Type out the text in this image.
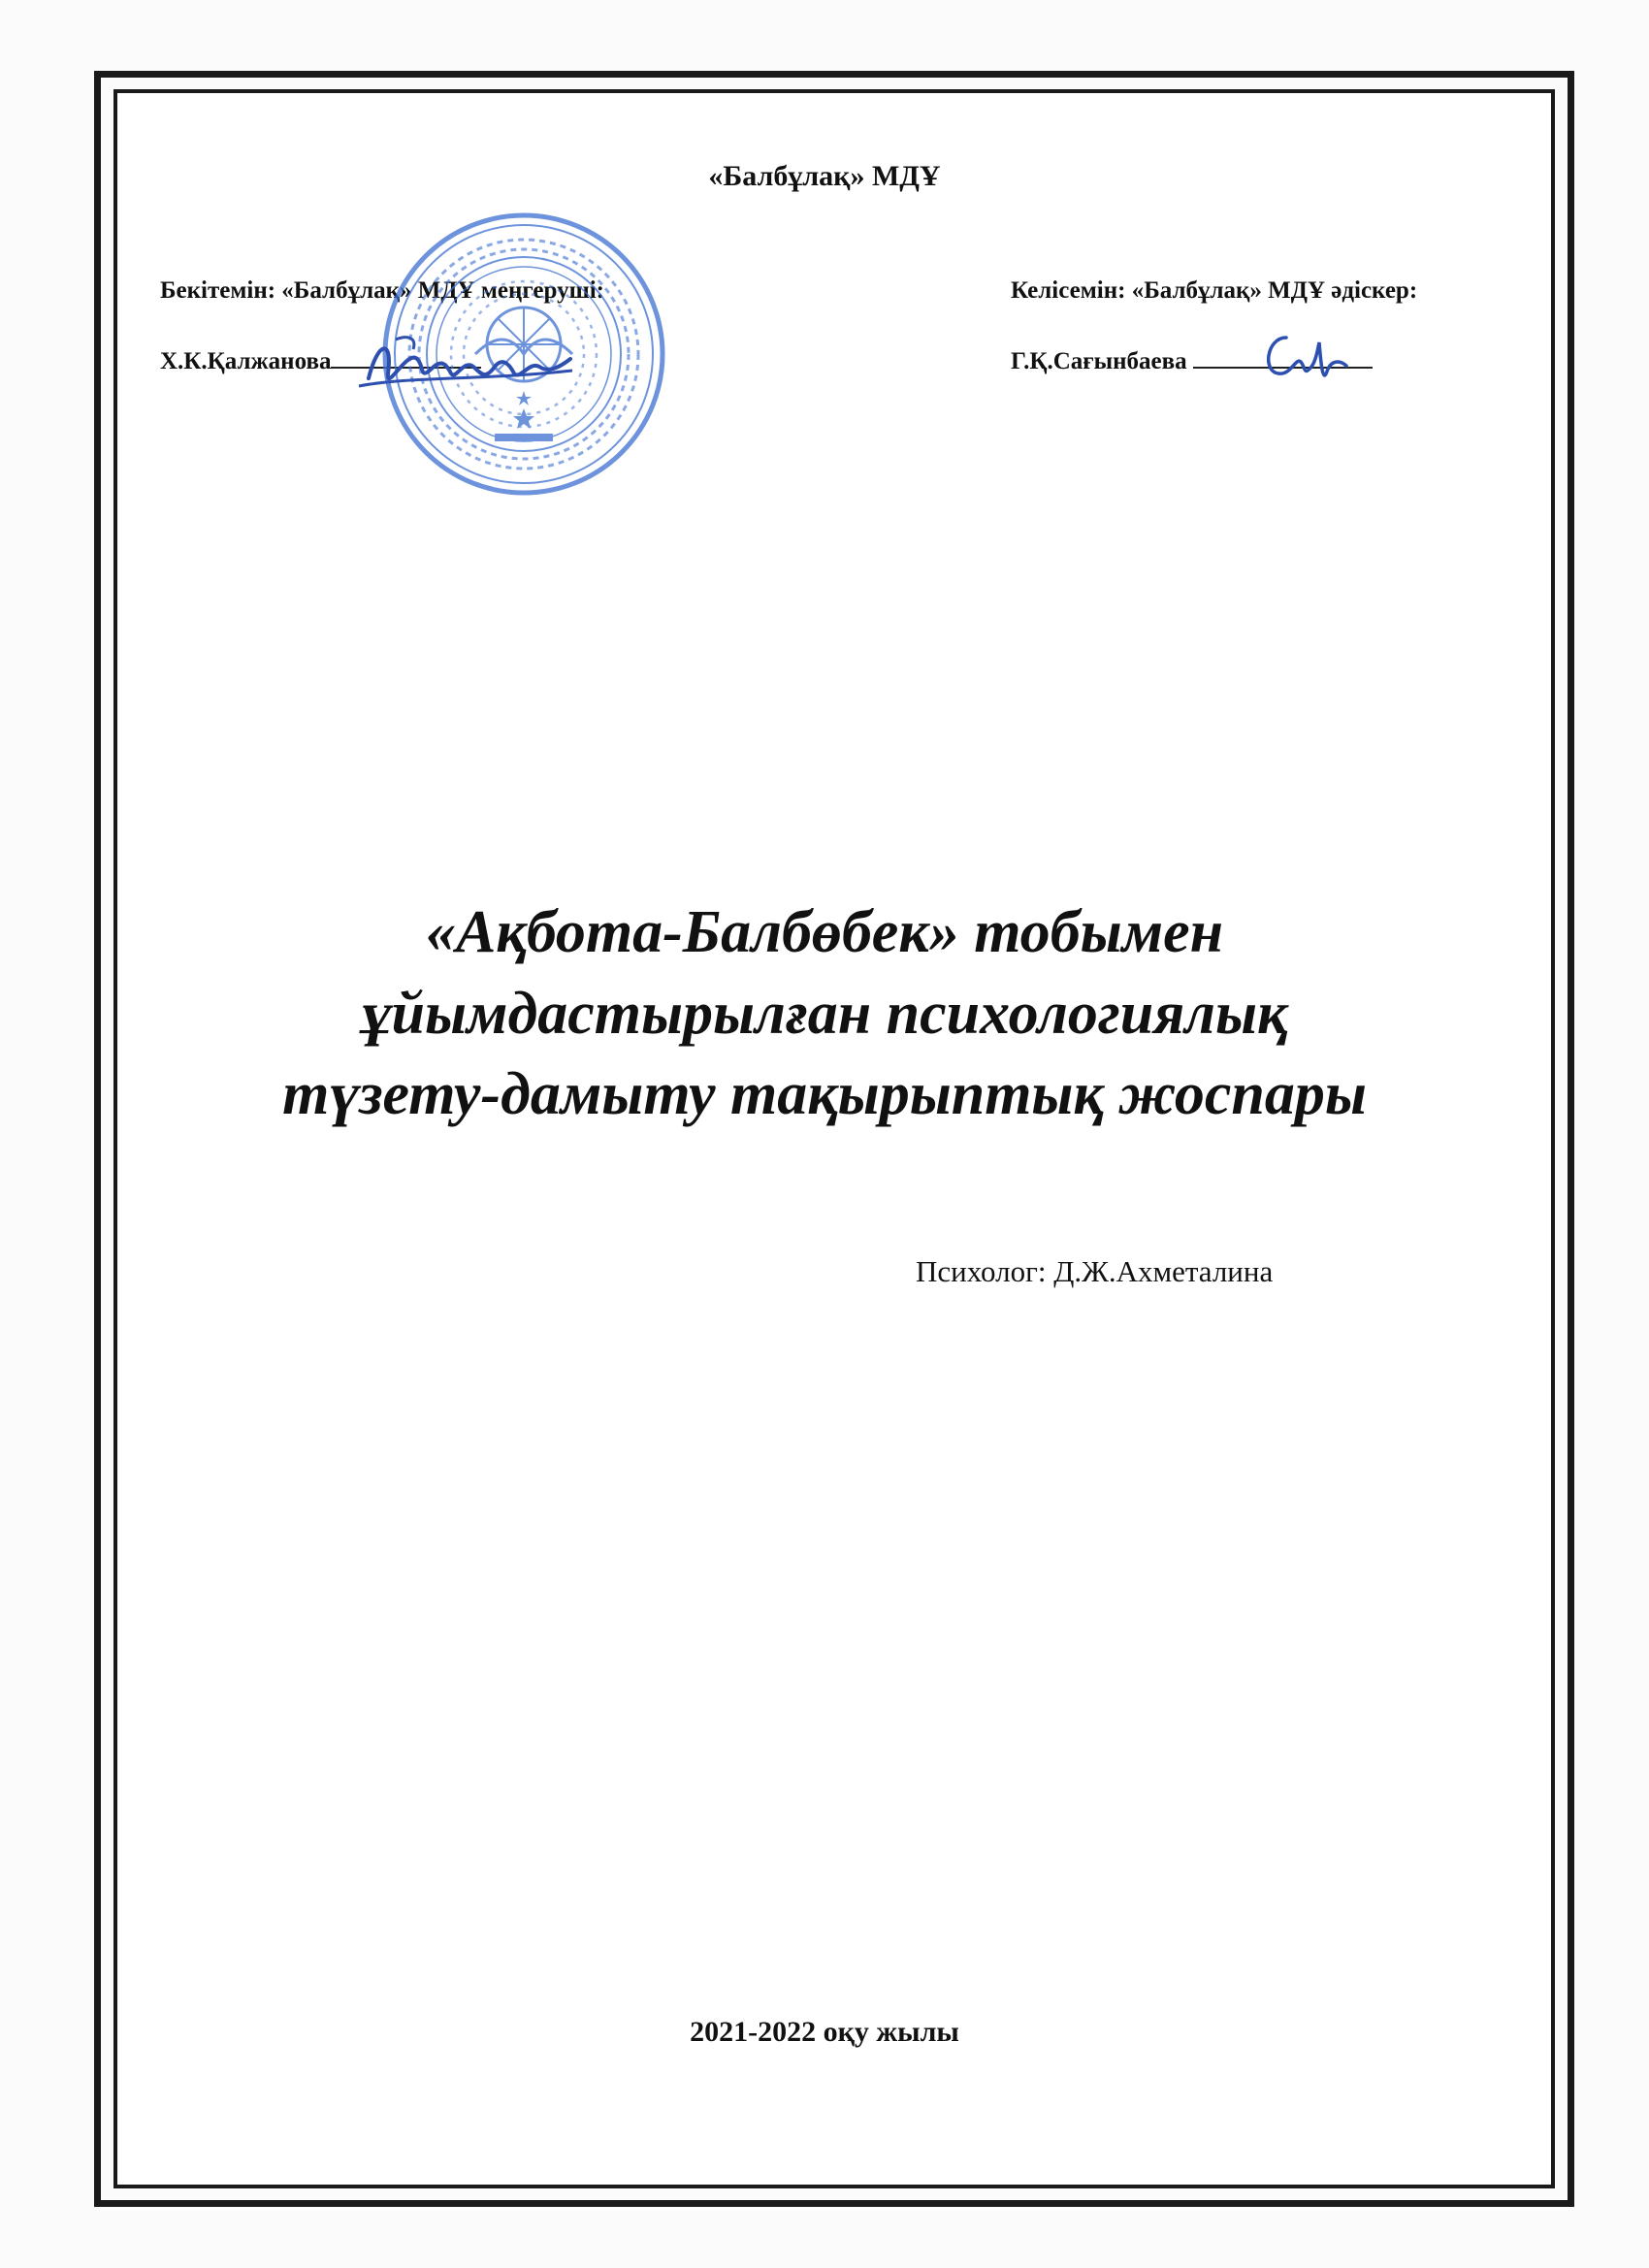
«Балбұлақ» МДҰ
Бекітемін: «Балбұлақ» МДҰ меңгеруші:
Х.К.Қалжанова
Келісемін: «Балбұлақ» МДҰ әдіскер:
Г.Қ.Сағынбаева
«Ақбота-Балбөбек» тобымен
ұйымдастырылған психологиялық
түзету-дамыту тақырыптық жоспары
Психолог: Д.Ж.Ахметалина
2021-2022 оқу жылы
